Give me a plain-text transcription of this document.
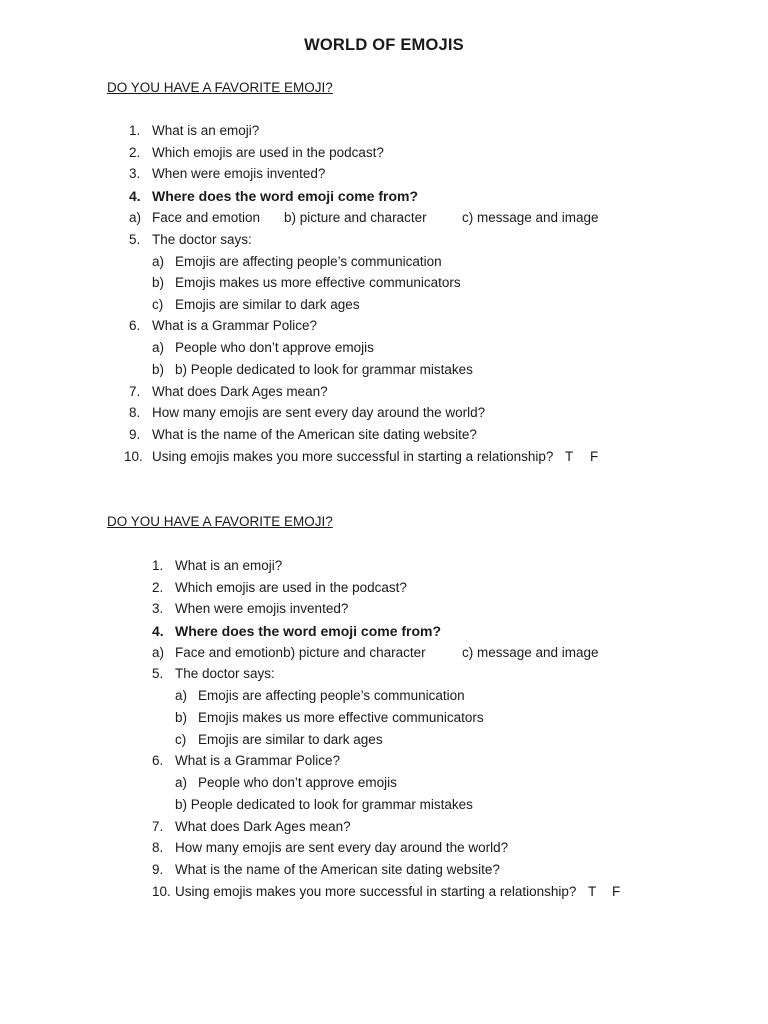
WORLD OF EMOJIS
DO YOU HAVE A FAVORITE EMOJI?
1. What is an emoji?
2. Which emojis are used in the podcast?
3. When were emojis invented?
4. Where does the word emoji come from?
a) Face and emotion b) picture and character	c) message and image
5. The doctor says:
a) Emojis are affecting people’s communication
b) Emojis makes us more effective communicators
c) Emojis are similar to dark ages
6. What is a Grammar Police?
a) People who don’t approve emojis
b) b) People dedicated to look for grammar mistakes
7. What does Dark Ages mean?
8. How many emojis are sent every day around the world?
9. What is the name of the American site dating website?
10. Using emojis makes you more successful in starting a relationship? T F
DO YOU HAVE A FAVORITE EMOJI?
1. What is an emoji?
2. Which emojis are used in the podcast?
3. When were emojis invented?
4. Where does the word emoji come from?
a) Face and emotionb) picture and character	c) message and image
5. The doctor says:
a) Emojis are affecting people’s communication
b) Emojis makes us more effective communicators
c) Emojis are similar to dark ages
6. What is a Grammar Police?
a) People who don’t approve emojis
b) People dedicated to look for grammar mistakes
7. What does Dark Ages mean?
8. How many emojis are sent every day around the world?
9. What is the name of the American site dating website?
10. Using emojis makes you more successful in starting a relationship? T F
